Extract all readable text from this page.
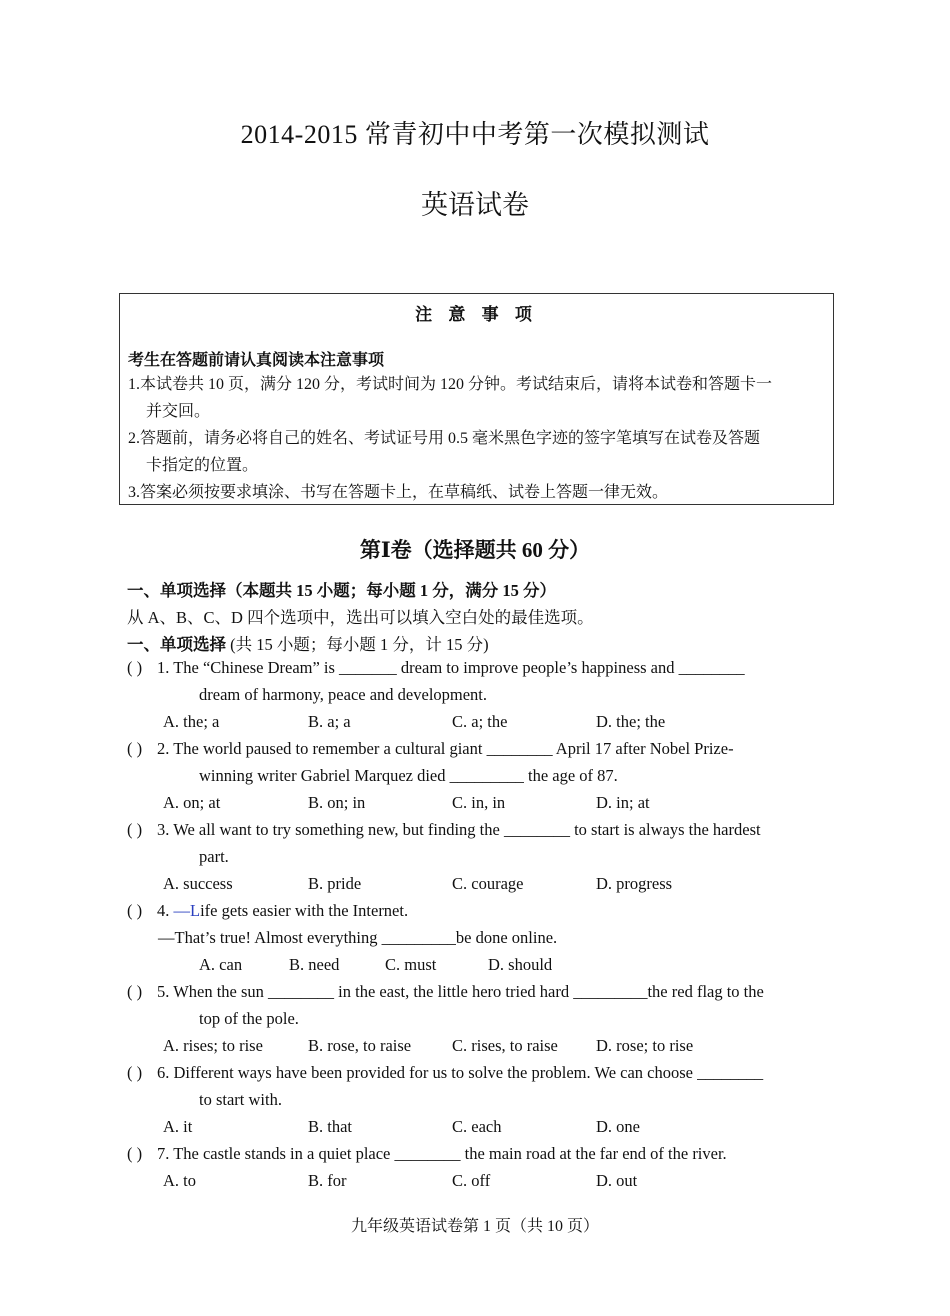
2014-2015 常青初中中考第一次模拟测试
英语试卷
注 意 事 项
考生在答题前请认真阅读本注意事项
1.本试卷共 10 页，满分 120 分，考试时间为 120 分钟。考试结束后，请将本试卷和答题卡一
并交回。
2.答题前，请务必将自己的姓名、考试证号用 0.5 毫米黑色字迹的签字笔填写在试卷及答题
卡指定的位置。
3.答案必须按要求填涂、书写在答题卡上，在草稿纸、试卷上答题一律无效。
第Ⅰ卷（选择题共 60 分）
一、单项选择（本题共 15 小题；每小题 1 分，满分 15 分）
从 A、B、C、D 四个选项中，选出可以填入空白处的最佳选项。
一、单项选择 (共 15 小题；每小题 1 分，计 15 分)
( ) 1. The “Chinese Dream” is _______ dream to improve people’s happiness and ________
dream of harmony, peace and development.
A. the; a	B. a; a	C. a; the	D. the; the
( ) 2. The world paused to remember a cultural giant ________ April 17 after Nobel Prize-
winning writer Gabriel Marquez died _________ the age of 87.
A. on; at	B. on; in	C. in, in	D. in; at
( ) 3. We all want to try something new, but finding the ________ to start is always the hardest
part.
A. success	B. pride	C. courage	D. progress
( ) 4. —Life gets easier with the Internet.
—That’s true! Almost everything _________be done online.
A. can	B. need	C. must	D. should
( ) 5. When the sun ________ in the east, the little hero tried hard _________the red flag to the
top of the pole.
A. rises; to rise	B. rose, to raise C. rises, to raise D. rose; to rise
( ) 6. Different ways have been provided for us to solve the problem. We can choose ________
to start with.
A. it	B. that	C. each	D. one
( ) 7. The castle stands in a quiet place ________ the main road at the far end of the river.
A. to	B. for	C. off	D. out
九年级英语试卷第 1 页（共 10 页）
